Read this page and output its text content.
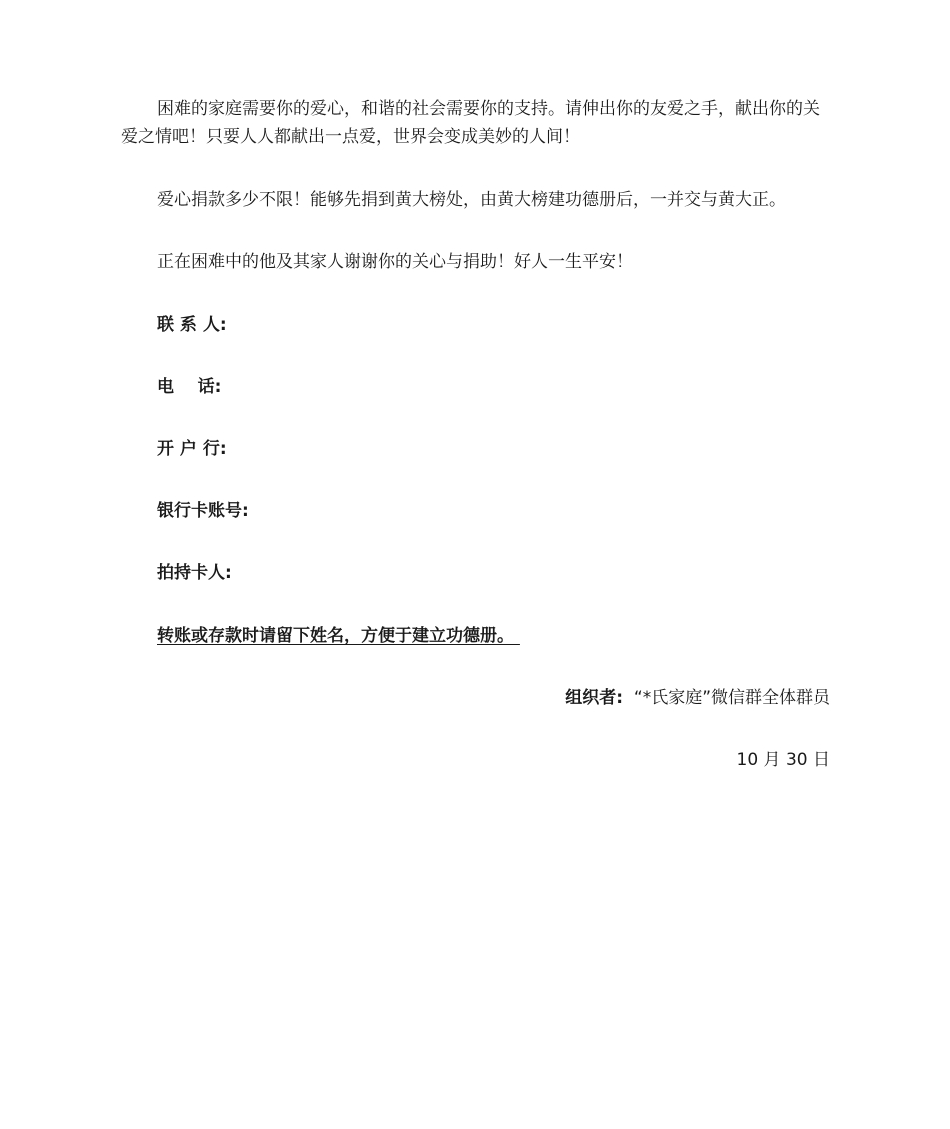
困难的家庭需要你的爱心，和谐的社会需要你的支持。请伸出你的友爱之手，献出你的关爱之情吧！只要人人都献出一点爱，世界会变成美妙的人间！

爱心捐款多少不限！能够先捐到黄大榜处，由黄大榜建功德册后，一并交与黄大正。

正在困难中的他及其家人谢谢你的关心与捐助！好人一生平安！

联 系 人:

电    话:

开 户 行:

银行卡账号:

拍持卡人:

转账或存款时请留下姓名，方便于建立功德册。

组织者:  “*氏家庭”微信群全体群员

10 月 30 日
